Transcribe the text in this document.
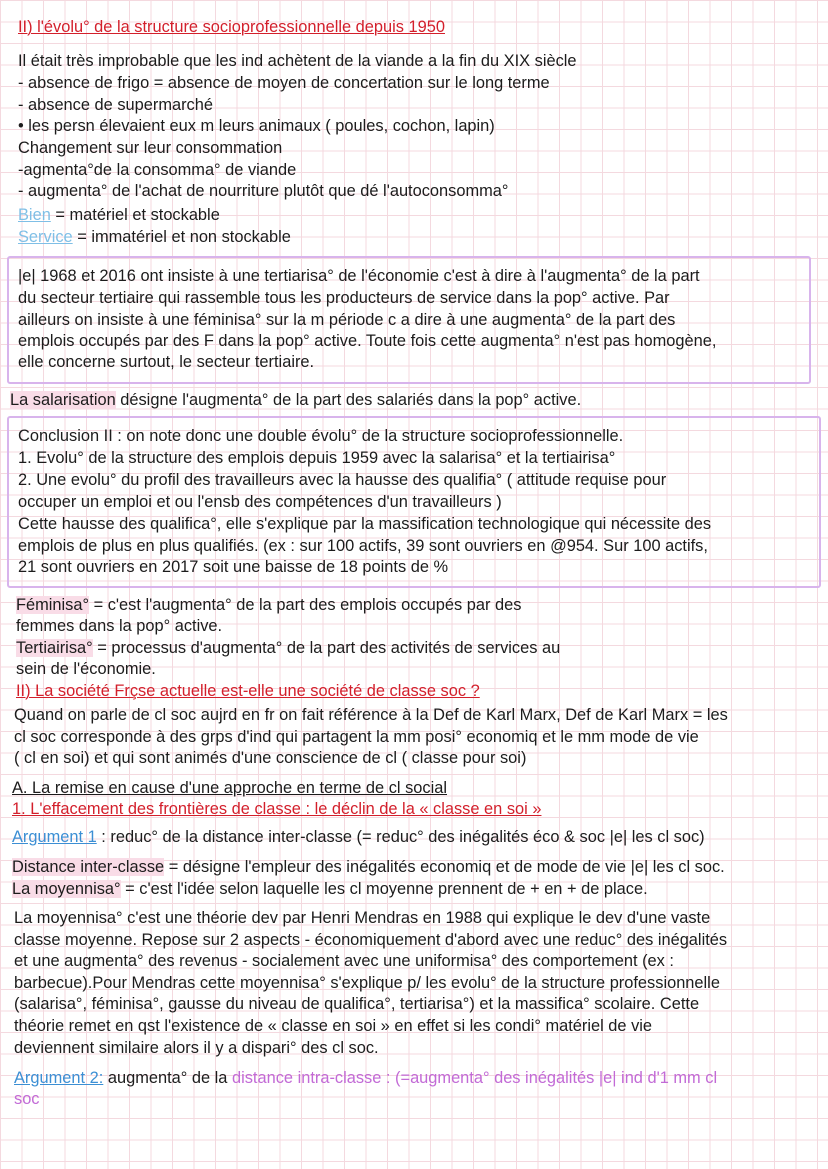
II) l'évolu° de la structure socioprofessionnelle depuis 1950
Il était très improbable que les ind achètent de la viande a la fin du XIX siècle
- absence de frigo = absence de moyen de concertation sur le long terme
- absence de supermarché
• les persn élevaient eux m leurs animaux ( poules, cochon, lapin)
Changement sur leur consommation
-agmenta°de la consomma° de viande
- augmenta° de l'achat de nourriture plutôt que dé l'autoconsomma°
Bien = matériel et stockable
Service = immatériel et non stockable
|e| 1968 et 2016 ont insiste à une tertiarisa° de l'économie c'est à dire à l'augmenta° de la part
du secteur tertiaire qui rassemble tous les producteurs de service dans la pop° active. Par
ailleurs on insiste à une féminisa° sur la m période c a dire à une augmenta° de la part des
emplois occupés par des F dans la pop° active. Toute fois cette augmenta° n'est pas homogène,
elle concerne surtout, le secteur tertiaire.
La salarisation désigne l'augmenta° de la part des salariés dans la pop° active.
Conclusion II : on note donc une double évolu° de la structure socioprofessionnelle.
1. Evolu° de la structure des emplois depuis 1959 avec la salarisa° et la tertiairisa°
2. Une evolu° du profil des travailleurs avec la hausse des qualifia° ( attitude requise pour
occuper un emploi et ou l'ensb des compétences d'un travailleurs )
Cette hausse des qualifica°, elle s'explique par la massification technologique qui nécessite des
emplois de plus en plus qualifiés. (ex : sur 100 actifs, 39 sont ouvriers en @954. Sur 100 actifs,
21 sont ouvriers en 2017 soit une baisse de 18 points de %
Féminisa° = c'est l'augmenta° de la part des emplois occupés par des
femmes dans la pop° active.
Tertiairisa° = processus d'augmenta° de la part des activités de services au
sein de l'économie.
II) La société Frçse actuelle est-elle une société de classe soc ?
Quand on parle de cl soc aujrd en fr on fait référence à la Def de Karl Marx, Def de Karl Marx = les
cl soc corresponde à des grps d'ind qui partagent la mm posi° economiq et le mm mode de vie
( cl en soi) et qui sont animés d'une conscience de cl ( classe pour soi)
A. La remise en cause d'une approche en terme de cl social
1. L'effacement des frontières de classe : le déclin de la « classe en soi »
Argument 1 : reduc° de la distance inter-classe (= reduc° des inégalités éco & soc |e| les cl soc)
Distance inter-classe = désigne l'empleur des inégalités economiq et de mode de vie |e| les cl soc.
La moyennisa° = c'est l'idée selon laquelle les cl moyenne prennent de + en + de place.
La moyennisa° c'est une théorie dev par Henri Mendras en 1988 qui explique le dev d'une vaste
classe moyenne. Repose sur 2 aspects - économiquement d'abord avec une reduc° des inégalités
et une augmenta° des revenus - socialement avec une uniformisa° des comportement (ex :
barbecue).Pour Mendras cette moyennisa° s'explique p/ les evolu° de la structure professionnelle
(salarisa°, féminisa°, gausse du niveau de qualifica°, tertiarisa°) et la massifica° scolaire. Cette
théorie remet en qst l'existence de « classe en soi » en effet si les condi° matériel de vie
deviennent similaire alors il y a dispari° des cl soc.
Argument 2: augmenta° de la distance intra-classe : (=augmenta° des inégalités |e| ind d'1 mm cl
soc
